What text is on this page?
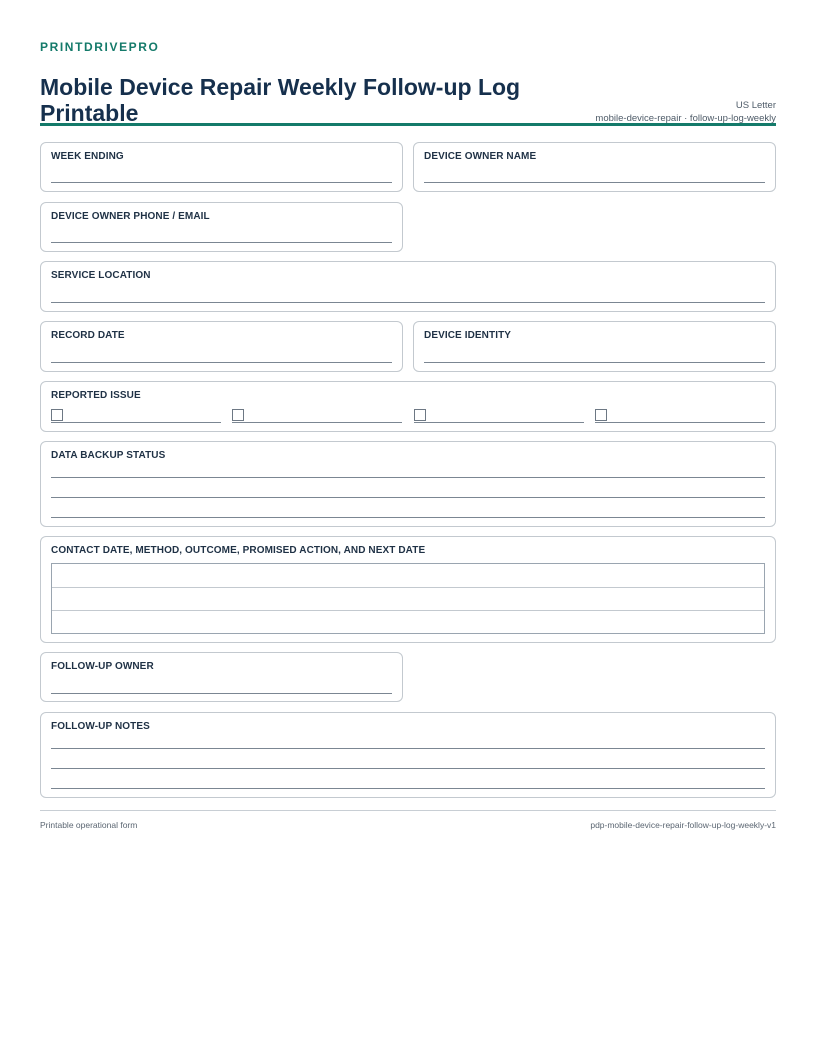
PRINTDRIVEPRO
Mobile Device Repair Weekly Follow-up Log Printable	US Letter
mobile-device-repair · follow-up-log-weekly
WEEK ENDING	DEVICE OWNER NAME
DEVICE OWNER PHONE / EMAIL
SERVICE LOCATION
RECORD DATE	DEVICE IDENTITY
REPORTED ISSUE
DATA BACKUP STATUS
CONTACT DATE, METHOD, OUTCOME, PROMISED ACTION, AND NEXT DATE
FOLLOW-UP OWNER
FOLLOW-UP NOTES
Printable operational form	pdp-mobile-device-repair-follow-up-log-weekly-v1
